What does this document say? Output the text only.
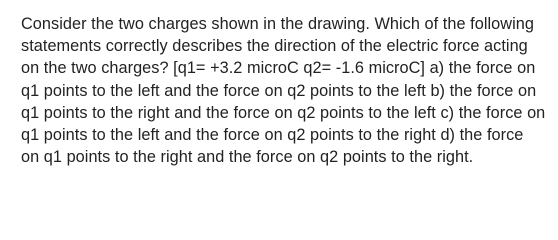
Consider the two charges shown in the drawing. Which of the following statements correctly describes the direction of the electric force acting on the two charges? [q1= +3.2 microC q2= -1.6 microC] a) the force on q1 points to the left and the force on q2 points to the left b) the force on q1 points to the right and the force on q2 points to the left c) the force on q1 points to the left and the force on q2 points to the right d) the force on q1 points to the right and the force on q2 points to the right.
